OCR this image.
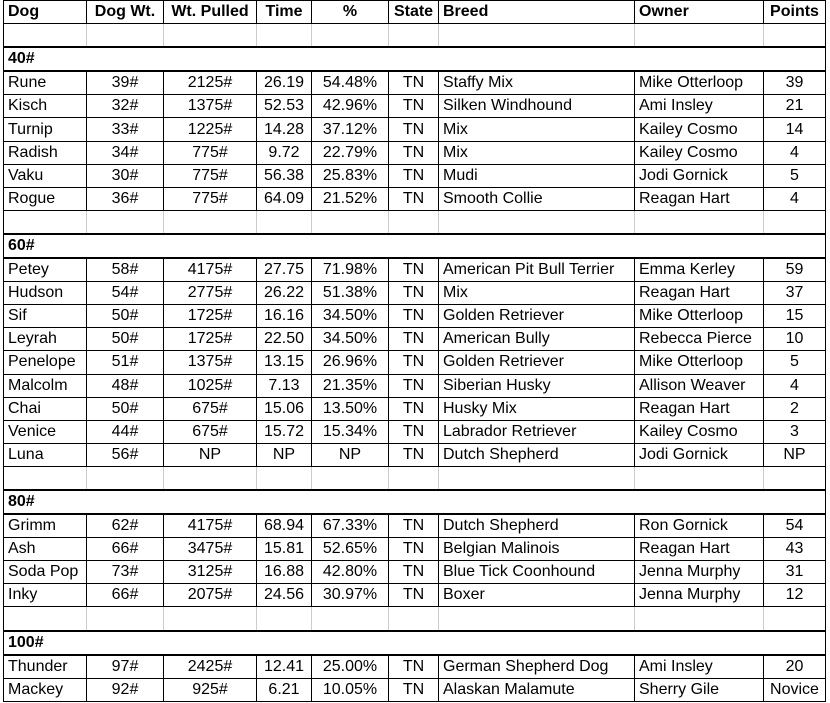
Dog	Dog Wt.	Wt. Pulled	Time	%	State	Breed	Owner	Points

40#								
Rune	39#	2125#	26.19	54.48%	TN	Staffy Mix	Mike Otterloop	39
Kisch	32#	1375#	52.53	42.96%	TN	Silken Windhound	Ami Insley	21
Turnip	33#	1225#	14.28	37.12%	TN	Mix	Kailey Cosmo	14
Radish	34#	775#	9.72	22.79%	TN	Mix	Kailey Cosmo	4
Vaku	30#	775#	56.38	25.83%	TN	Mudi	Jodi Gornick	5
Rogue	36#	775#	64.09	21.52%	TN	Smooth Collie	Reagan Hart	4

60#								
Petey	58#	4175#	27.75	71.98%	TN	American Pit Bull Terrier	Emma Kerley	59
Hudson	54#	2775#	26.22	51.38%	TN	Mix	Reagan Hart	37
Sif	50#	1725#	16.16	34.50%	TN	Golden Retriever	Mike Otterloop	15
Leyrah	50#	1725#	22.50	34.50%	TN	American Bully	Rebecca Pierce	10
Penelope	51#	1375#	13.15	26.96%	TN	Golden Retriever	Mike Otterloop	5
Malcolm	48#	1025#	7.13	21.35%	TN	Siberian Husky	Allison Weaver	4
Chai	50#	675#	15.06	13.50%	TN	Husky Mix	Reagan Hart	2
Venice	44#	675#	15.72	15.34%	TN	Labrador Retriever	Kailey Cosmo	3
Luna	56#	NP	NP	NP	TN	Dutch Shepherd	Jodi Gornick	NP

80#								
Grimm	62#	4175#	68.94	67.33%	TN	Dutch Shepherd	Ron Gornick	54
Ash	66#	3475#	15.81	52.65%	TN	Belgian Malinois	Reagan Hart	43
Soda Pop	73#	3125#	16.88	42.80%	TN	Blue Tick Coonhound	Jenna Murphy	31
Inky	66#	2075#	24.56	30.97%	TN	Boxer	Jenna Murphy	12

100#								
Thunder	97#	2425#	12.41	25.00%	TN	German Shepherd Dog	Ami Insley	20
Mackey	92#	925#	6.21	10.05%	TN	Alaskan Malamute	Sherry Gile	Novice
